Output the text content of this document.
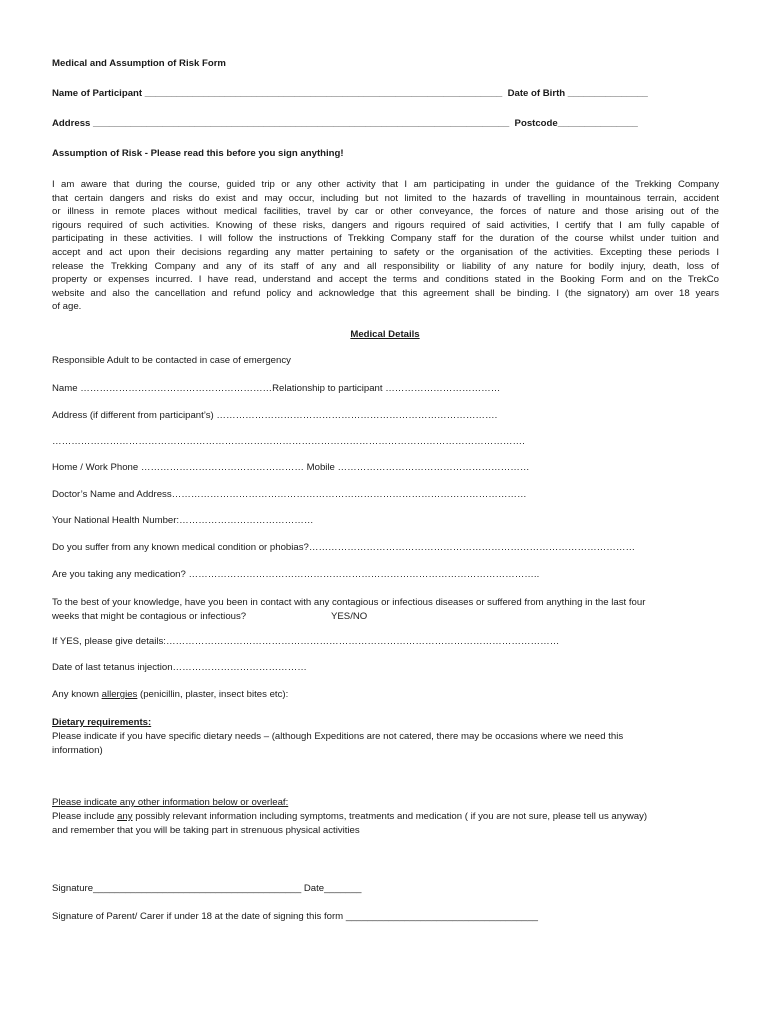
Medical and Assumption of Risk Form
Name of Participant ___________________________________________________________________  Date of Birth _______________
Address ______________________________________________________________________________  Postcode_______________
Assumption of Risk - Please read this before you sign anything!
I am aware that during the course, guided trip or any other activity that I am participating in under the guidance of the Trekking Company
that certain dangers and risks do exist and may occur, including but not limited to the hazards of travelling in mountainous terrain, accident
or illness in remote places without medical facilities, travel by car or other conveyance, the forces of nature and those arising out of the
rigours required of such activities. Knowing of these risks, dangers and rigours required of said activities, I certify that I am fully capable of
participating in these activities. I will follow the instructions of Trekking Company staff for the duration of the course whilst under tuition and
accept and act upon their decisions regarding any matter pertaining to safety or the organisation of the activities. Excepting these periods I
release the Trekking Company and any of its staff of any and all responsibility or liability of any nature for bodily injury, death, loss of
property or expenses incurred. I have read, understand and accept the terms and conditions stated in the Booking Form and on the TrekCo
website and also the cancellation and refund policy and acknowledge that this agreement shall be binding. I (the signatory) am over 18 years
of age.
Medical Details
Responsible Adult to be contacted in case of emergency
Name ……………………………………………………Relationship to participant ………………………………
Address (if different from participant’s) …………………………………………………………………………….
………………………………………………………………………………………………………………………………….
Home / Work Phone …………………………………………… Mobile ……………………………………………………
Doctor’s Name and Address…………………………………………………………………………………………………
Your National Health Number:……………………………………
Do you suffer from any known medical condition or phobias?…………………………………………………………………………………………
Are you taking any medication? ………………………………………………………………………………………………..
To the best of your knowledge, have you been in contact with any contagious or infectious diseases or suffered from anything in the last four
weeks that might be contagious or infectious?	YES/NO
If YES, please give details:……………………………………………………………………………………………………………
Date of last tetanus injection……………………………………
Any known allergies (penicillin, plaster, insect bites etc):
Dietary requirements:
Please indicate if you have specific dietary needs – (although Expeditions are not catered, there may be occasions where we need this
information)
Please indicate any other information below or overleaf:
Please include any possibly relevant information including symptoms, treatments and medication ( if you are not sure, please tell us anyway)
and remember that you will be taking part in strenuous physical activities
Signature_______________________________________ Date_______
Signature of Parent/ Carer if under 18 at the date of signing this form ____________________________________
